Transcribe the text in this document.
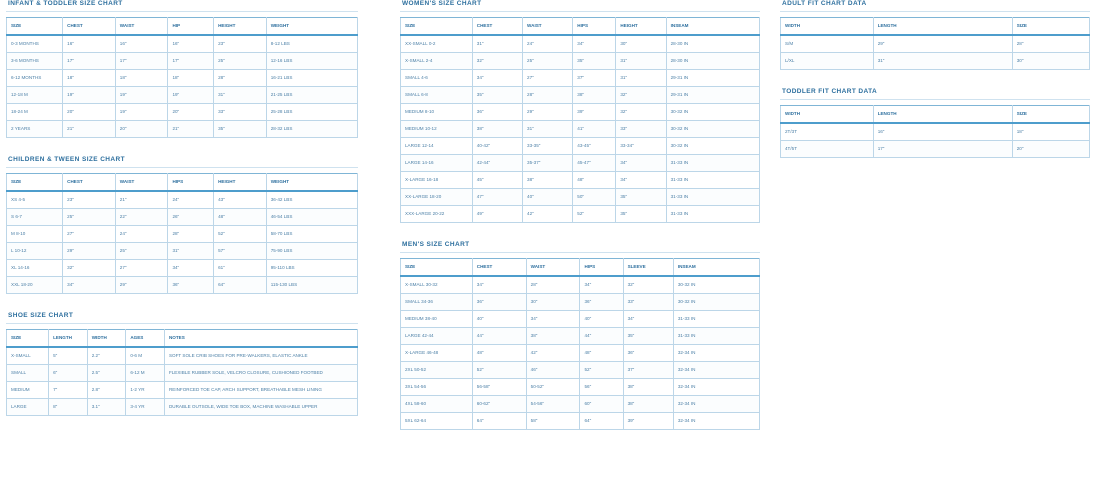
INFANT & TODDLER SIZE CHART
SIZE	CHEST	WAIST	HIP	HEIGHT	WEIGHT
0-3 MONTHS	16"	16"	16"	23"	8-12 LBS
3-6 MONTHS	17"	17"	17"	25"	12-16 LBS
6-12 MONTHS	18"	18"	18"	28"	16-21 LBS
12-18 M	19"	19"	19"	31"	21-25 LBS
18-24 M	20"	19"	20"	33"	25-28 LBS
2 YEARS	21"	20"	21"	35"	28-32 LBS
CHILDREN & TWEEN SIZE CHART
SIZE	CHEST	WAIST	HIPS	HEIGHT	WEIGHT
XS 4-5	23"	21"	24"	43"	36-42 LBS
S 6-7	25"	22"	26"	48"	46-54 LBS
M 8-10	27"	24"	28"	52"	58-70 LBS
L 10-12	29"	25"	31"	57"	75-90 LBS
XL 14-16	32"	27"	34"	61"	95-110 LBS
XXL 18-20	34"	29"	36"	64"	115-130 LBS
SHOE SIZE CHART
SIZE	LENGTH	WIDTH	AGES	NOTES
X-SMALL	5"	2.2"	0-6 M	SOFT SOLE CRIB SHOES FOR PRE-WALKERS, ELASTIC ANKLE
SMALL	6"	2.5"	6-12 M	FLEXIBLE RUBBER SOLE, VELCRO CLOSURE, CUSHIONED FOOTBED
MEDIUM	7"	2.8"	1-2 YR	REINFORCED TOE CAP, ARCH SUPPORT, BREATHABLE MESH LINING
LARGE	8"	3.1"	3-4 YR	DURABLE OUTSOLE, WIDE TOE BOX, MACHINE WASHABLE UPPER
WOMEN'S SIZE CHART
SIZE	CHEST	WAIST	HIPS	HEIGHT	INSEAM
XX-SMALL 0-2	31"	24"	34"	30"	28-30 IN
X-SMALL 2-4	32"	25"	35"	31"	28-30 IN
SMALL 4-6	34"	27"	37"	31"	29-31 IN
SMALL 6-8	35"	28"	38"	32"	29-31 IN
MEDIUM 8-10	36"	29"	39"	32"	30-32 IN
MEDIUM 10-12	38"	31"	41"	33"	30-32 IN
LARGE 12-14	40-42"	33-35"	43-45"	33-34"	30-32 IN
LARGE 14-16	42-44"	35-37"	45-47"	34"	31-33 IN
X-LARGE 16-18	45"	38"	48"	34"	31-33 IN
XX-LARGE 18-20	47"	40"	50"	35"	31-33 IN
XXX-LARGE 20-22	49"	42"	52"	35"	31-33 IN
MEN'S SIZE CHART
SIZE	CHEST	WAIST	HIPS	SLEEVE	INSEAM
X-SMALL 30-32	34"	28"	34"	32"	30-32 IN
SMALL 34-36	36"	30"	36"	33"	30-32 IN
MEDIUM 38-40	40"	34"	40"	34"	31-33 IN
LARGE 42-44	44"	38"	44"	35"	31-33 IN
X-LARGE 46-48	48"	42"	48"	36"	32-34 IN
2XL 50-52	52"	46"	52"	37"	32-34 IN
3XL 54-56	56-58"	50-52"	56"	38"	32-34 IN
4XL 58-60	60-62"	54-56"	60"	38"	32-34 IN
5XL 62-64	64"	58"	64"	39"	32-34 IN
ADULT FIT CHART DATA
WIDTH	LENGTH	SIZE
S/M	29"	28"
L/XL	31"	30"
TODDLER FIT CHART DATA
WIDTH	LENGTH	SIZE
2T/3T	16"	18"
4T/5T	17"	20"
